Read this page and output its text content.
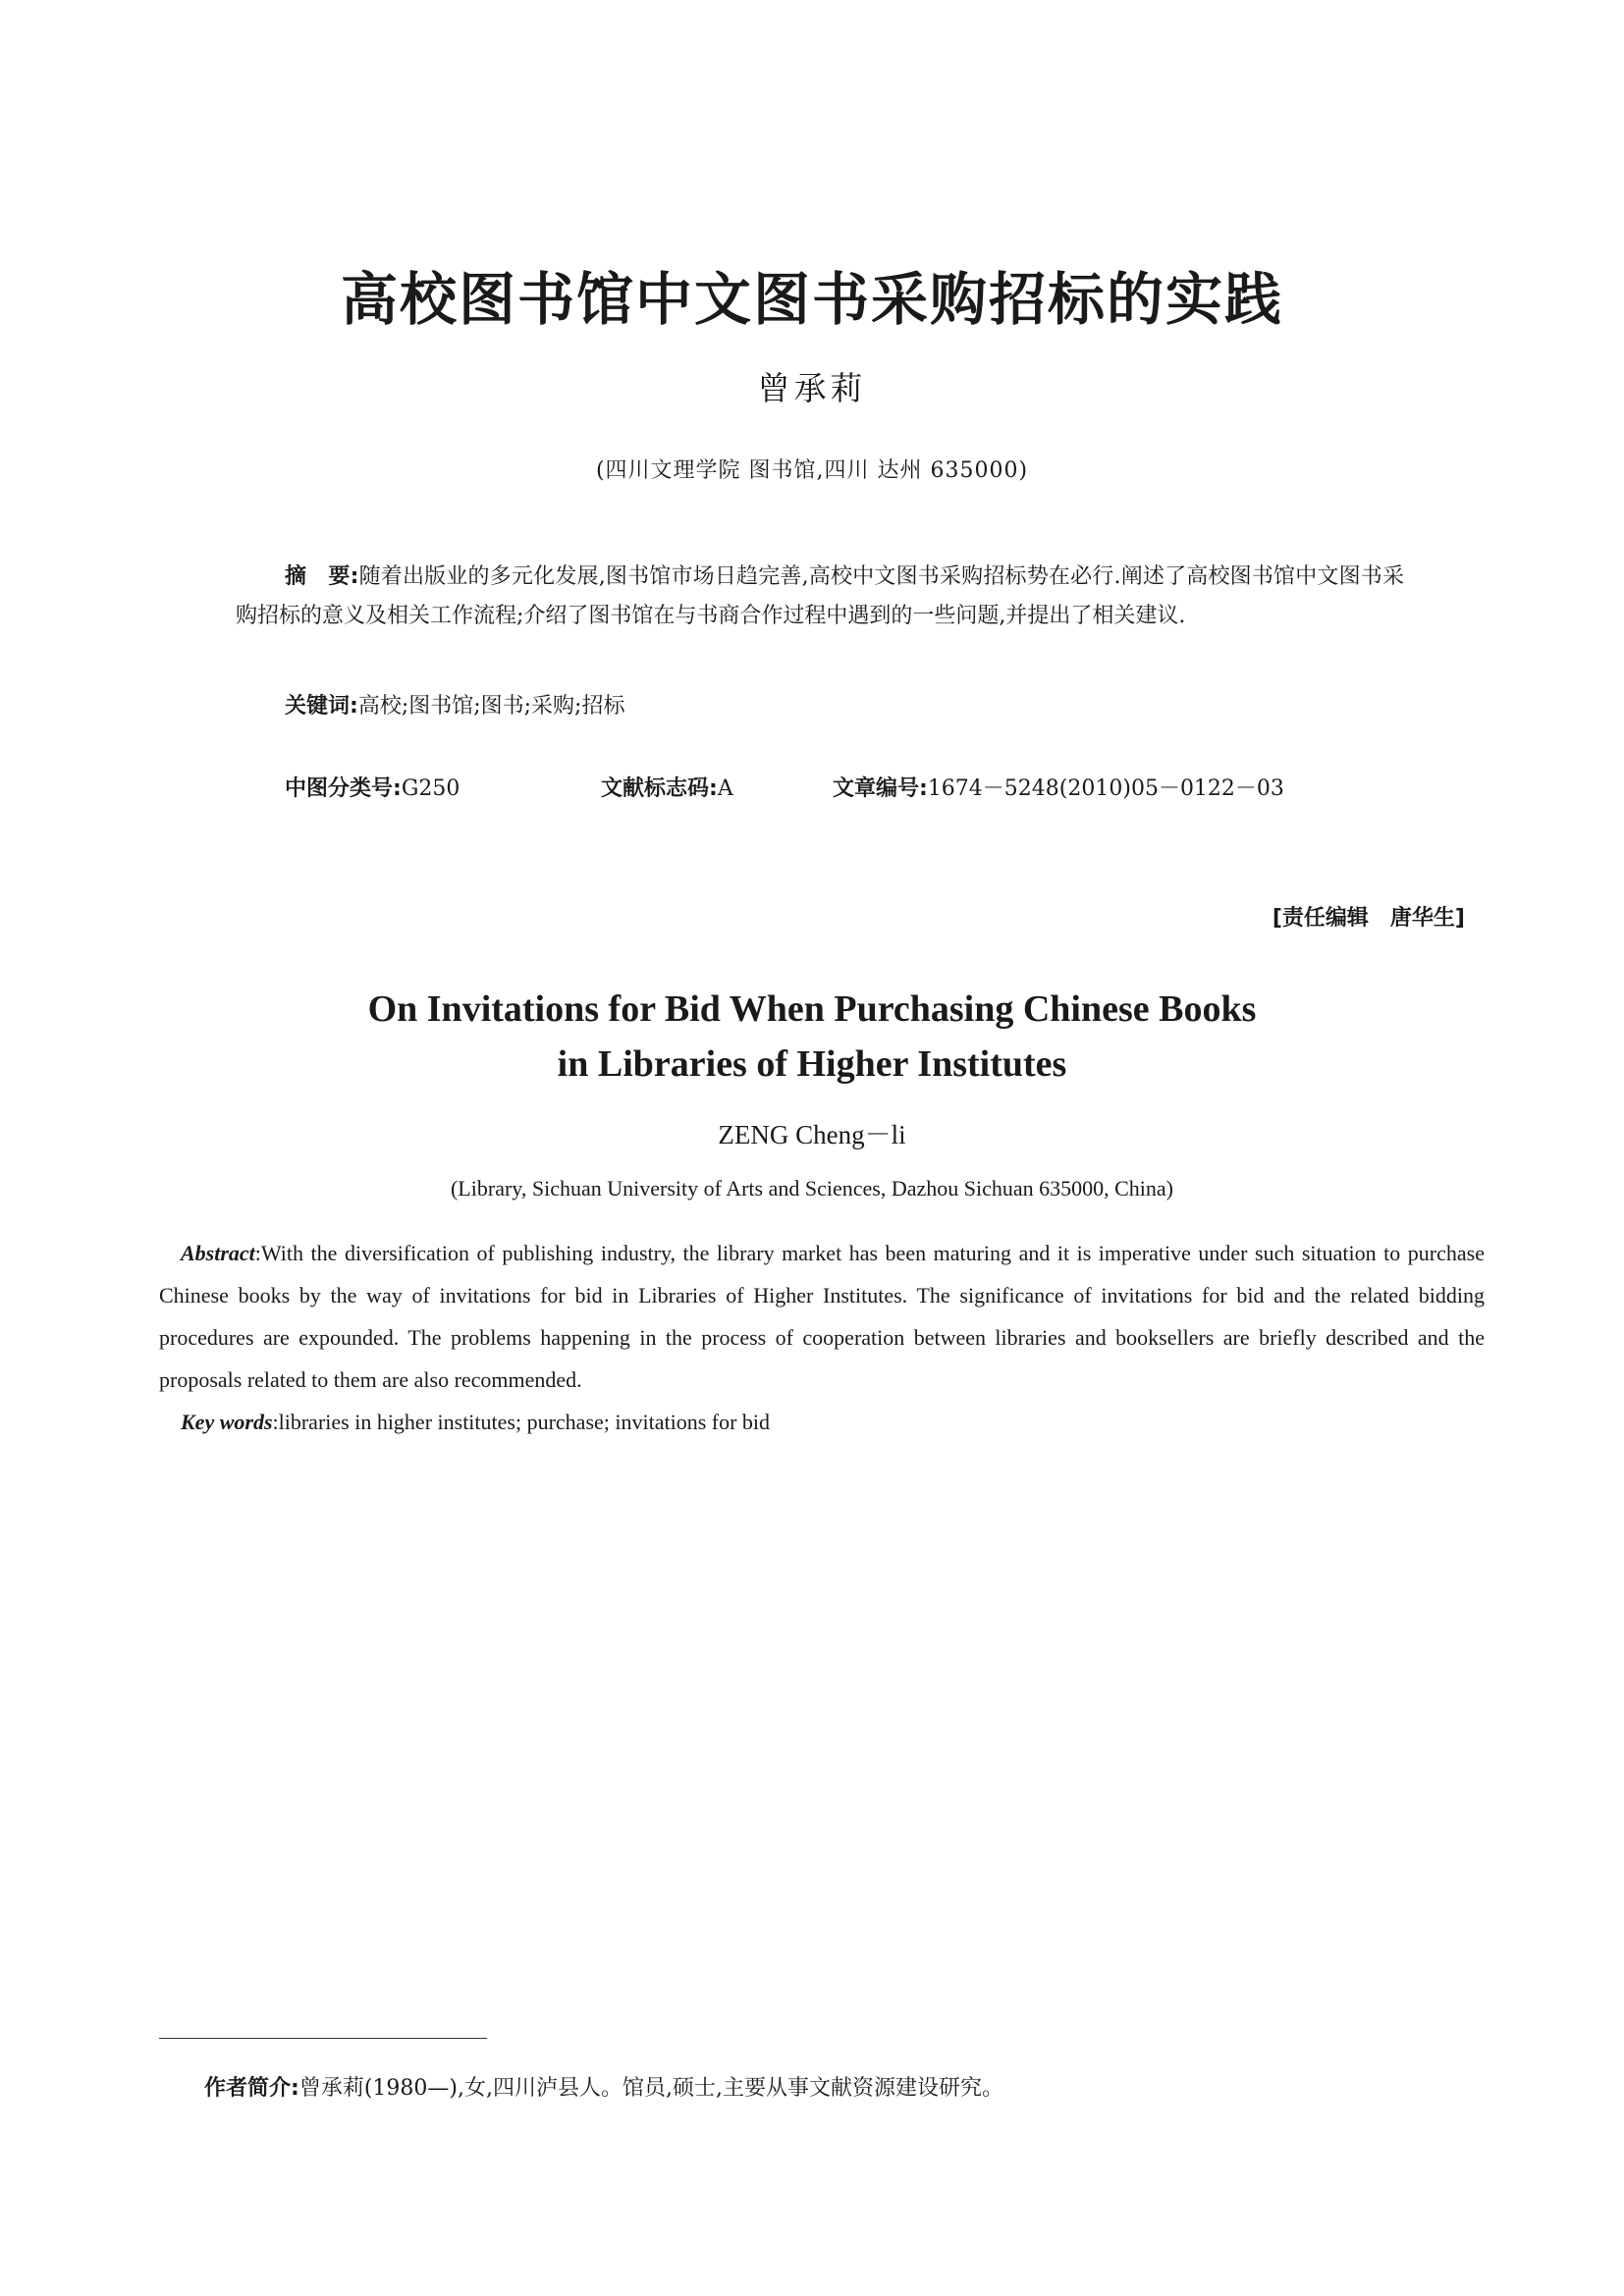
高校图书馆中文图书采购招标的实践
曾承莉
(四川文理学院 图书馆,四川 达州 635000)
摘　要:随着出版业的多元化发展,图书馆市场日趋完善,高校中文图书采购招标势在必行.阐述了高校图书馆中文图书采购招标的意义及相关工作流程;介绍了图书馆在与书商合作过程中遇到的一些问题,并提出了相关建议.
关键词:高校;图书馆;图书;采购;招标
中图分类号:G250	文献标志码:A	文章编号:1674－5248(2010)05－0122－03
[责任编辑　唐华生]
On Invitations for Bid When Purchasing Chinese Books
in Libraries of Higher Institutes
ZENG Cheng－li
(Library, Sichuan University of Arts and Sciences, Dazhou Sichuan 635000, China)
Abstract:With the diversification of publishing industry, the library market has been maturing and it is imperative under such situation to purchase Chinese books by the way of invitations for bid in Libraries of Higher Institutes. The significance of invitations for bid and the related bidding procedures are expounded. The problems happening in the process of cooperation between libraries and booksellers are briefly described and the proposals related to them are also recommended.
Key words:libraries in higher institutes; purchase; invitations for bid
作者简介:曾承莉(1980—),女,四川泸县人。馆员,硕士,主要从事文献资源建设研究。
